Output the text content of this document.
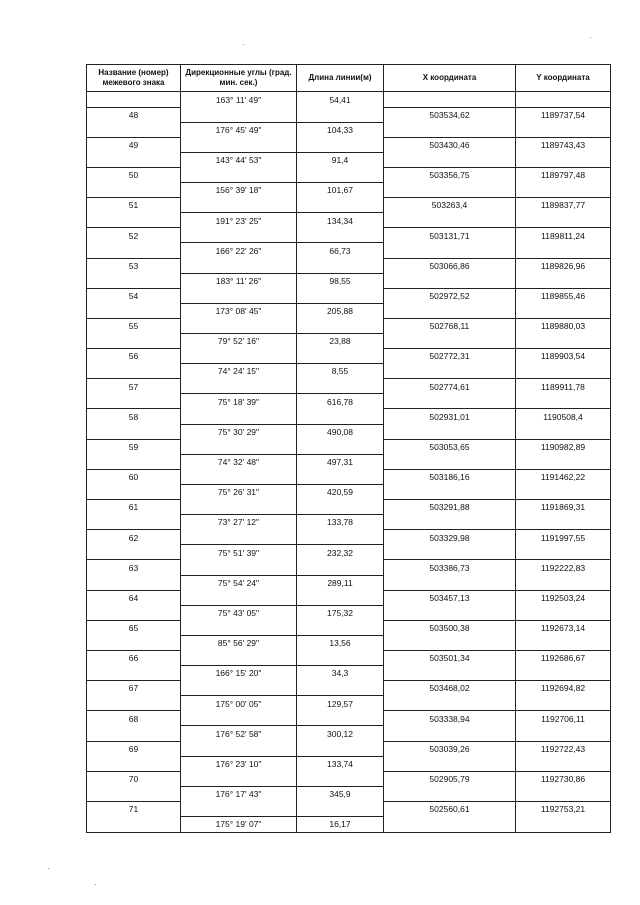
Название (номер) межевого знака	Дирекционные углы (град. мин. сек.)	Длина линии(м)	X координата	Y координата
	163° 11' 49"	54,41		
48			503534,62	1189737,54
	176° 45' 49"	104,33		
49			503430,46	1189743,43
	143° 44' 53"	91,4		
50			503356,75	1189797,48
	156° 39' 18"	101,67		
51			503263,4	1189837,77
	191° 23' 25"	134,34		
52			503131,71	1189811,24
	166° 22' 26"	66,73		
53			503066,86	1189826,96
	183° 11' 26"	98,55		
54			502972,52	1189855,46
	173° 08' 45"	205,88		
55			502768,11	1189880,03
	79° 52' 16"	23,88		
56			502772,31	1189903,54
	74° 24' 15"	8,55		
57			502774,61	1189911,78
	75° 18' 39"	616,78		
58			502931,01	1190508,4
	75° 30' 29"	490,08		
59			503053,65	1190982,89
	74° 32' 48"	497,31		
60			503186,16	1191462,22
	75° 26' 31"	420,59		
61			503291,88	1191869,31
	73° 27' 12"	133,78		
62			503329,98	1191997,55
	75° 51' 39"	232,32		
63			503386,73	1192222,83
	75° 54' 24"	289,11		
64			503457,13	1192503,24
	75° 43' 05"	175,32		
65			503500,38	1192673,14
	85° 56' 29"	13,56		
66			503501,34	1192686,67
	166° 15' 20"	34,3		
67			503468,02	1192694,82
	175° 00' 05"	129,57		
68			503338,94	1192706,11
	176° 52' 58"	300,12		
69			503039,26	1192722,43
	176° 23' 10"	133,74		
70			502905,79	1192730,86
	176° 17' 43"	345,9		
71			502560,61	1192753,21
	175° 19' 07"	16,17		
